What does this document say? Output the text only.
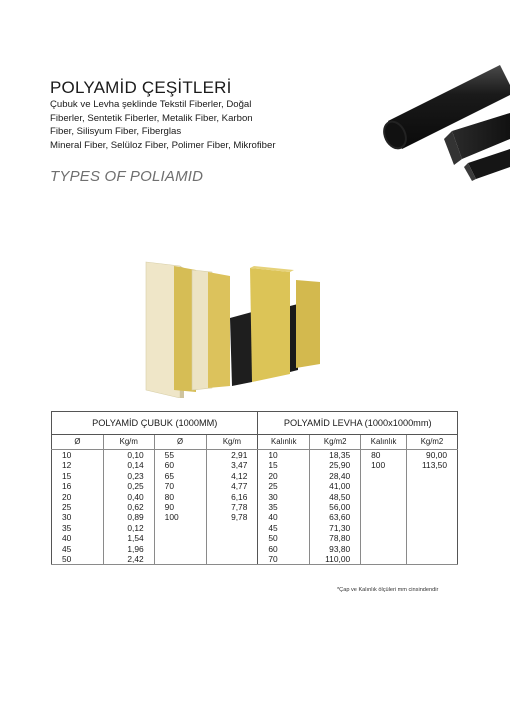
POLYAMİD ÇEŞİTLERİ
Çubuk ve Levha şeklinde Tekstil Fiberler, Doğal
Fiberler, Sentetik Fiberler, Metalik Fiber, Karbon
Fiber, Silisyum Fiber, Fiberglas
Mineral Fiber, Selüloz Fiber, Polimer Fiber, Mikrofiber
TYPES OF POLIAMID
POLYAMİD ÇUBUK (1000MM)				POLYAMİD LEVHA (1000x1000mm)			
Ø	Kg/m	Ø	Kg/m	Kalınlık	Kg/m2	Kalınlık	Kg/m2
10	0,10	55	2,91	10	18,35	80	90,00
12	0,14	60	3,47	15	25,90	100	113,50
15	0,23	65	4,12	20	28,40		
16	0,25	70	4,77	25	41,00		
20	0,40	80	6,16	30	48,50		
25	0,62	90	7,78	35	56,00		
30	0,89	100	9,78	40	63,60		
35	0,12			45	71,30		
40	1,54			50	78,80		
45	1,96			60	93,80		
50	2,42			70	110,00		
*Çap ve Kalınlık ölçüleri mm cinsindendir
